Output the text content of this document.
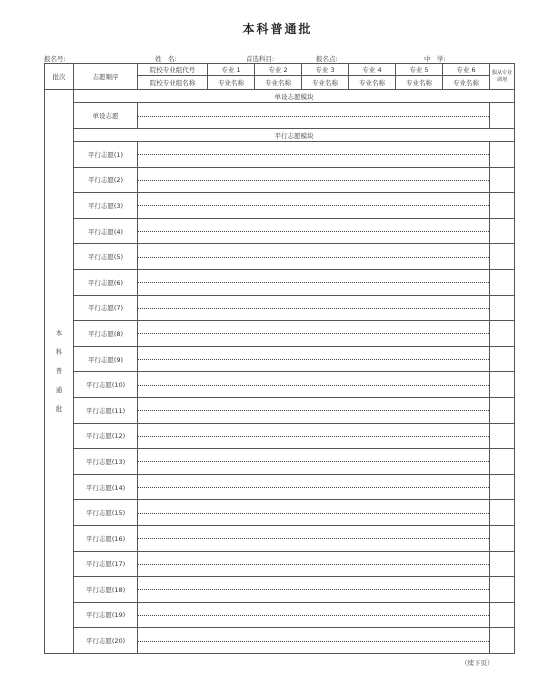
本科普通批
报名号:	姓　名:	首选科目:	报名点:	中　学:
批次	志愿顺序	院校专业组代号	专业 1	专业 2	专业 3	专业 4	专业 5	专业 6	服从专业调剂
		院校专业组名称	专业名称	专业名称	专业名称	专业名称	专业名称	专业名称	

本
科
普
通
批	单设志愿模块								
	单设志愿								
	平行志愿模块								
	平行志愿(1)								
	平行志愿(2)								
	平行志愿(3)								
	平行志愿(4)								
	平行志愿(5)								
	平行志愿(6)								
	平行志愿(7)								
	平行志愿(8)								
	平行志愿(9)								
	平行志愿(10)								
	平行志愿(11)								
	平行志愿(12)								
	平行志愿(13)								
	平行志愿(14)								
	平行志愿(15)								
	平行志愿(16)								
	平行志愿(17)								
	平行志愿(18)								
	平行志愿(19)								
	平行志愿(20)								
（续下页）
